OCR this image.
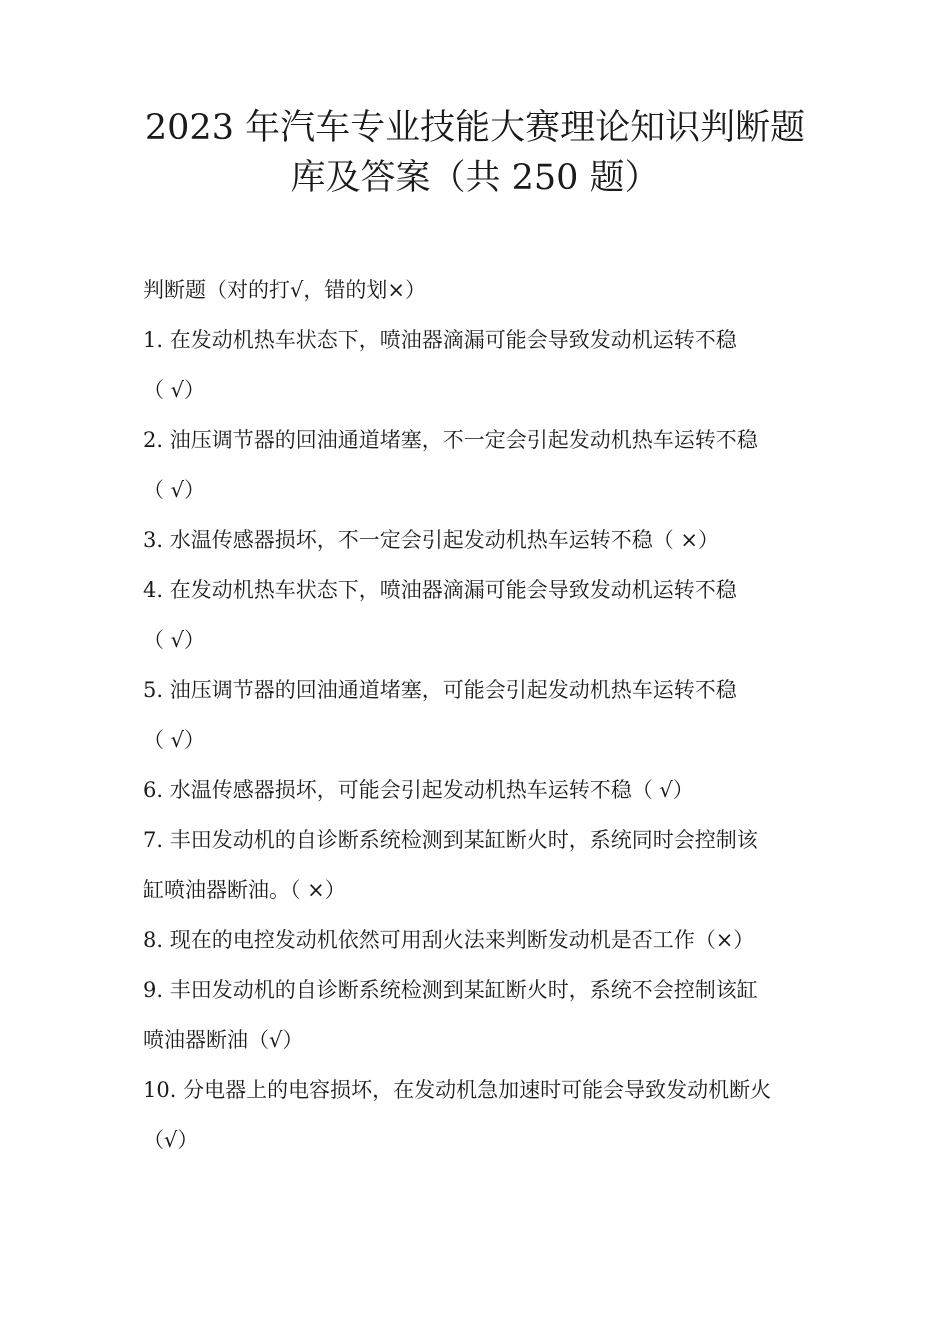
2023 年汽车专业技能大赛理论知识判断题
库及答案（共 250 题）
判断题（对的打√，错的划×）
1. 在发动机热车状态下，喷油器滴漏可能会导致发动机运转不稳
（ √）
2. 油压调节器的回油通道堵塞，不一定会引起发动机热车运转不稳
（ √）
3. 水温传感器损坏，不一定会引起发动机热车运转不稳（ ×）
4. 在发动机热车状态下，喷油器滴漏可能会导致发动机运转不稳
（ √）
5. 油压调节器的回油通道堵塞，可能会引起发动机热车运转不稳
（ √）
6. 水温传感器损坏，可能会引起发动机热车运转不稳（ √）
7. 丰田发动机的自诊断系统检测到某缸断火时，系统同时会控制该
缸喷油器断油。（ ×）
8. 现在的电控发动机依然可用刮火法来判断发动机是否工作（×）
9. 丰田发动机的自诊断系统检测到某缸断火时，系统不会控制该缸
喷油器断油（√）
10. 分电器上的电容损坏，在发动机急加速时可能会导致发动机断火
（√）
